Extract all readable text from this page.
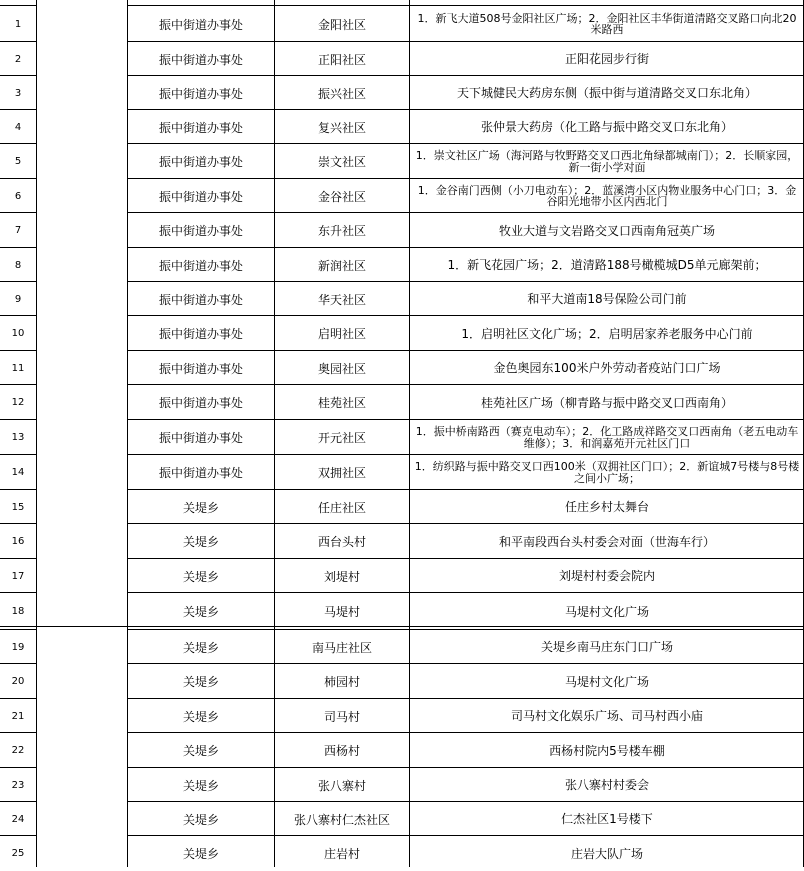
1	振中街道办事处	金阳社区	1．新飞大道508号金阳社区广场；2．金阳社区丰华街道清路交叉路口向北20米路西
2	振中街道办事处	正阳社区	正阳花园步行街
3	振中街道办事处	振兴社区	天下城健民大药房东侧（振中街与道清路交叉口东北角）
4	振中街道办事处	复兴社区	张仲景大药房（化工路与振中路交叉口东北角）
5	振中街道办事处	崇文社区	1．崇文社区广场（海河路与牧野路交叉口西北角绿都城南门）；2．长顺家园，新一街小学对面
6	振中街道办事处	金谷社区	1．金谷南门西侧（小刀电动车）；2．蓝溪湾小区内物业服务中心门口；3．金谷阳光地带小区内西北门
7	振中街道办事处	东升社区	牧业大道与文岩路交叉口西南角冠英广场
8	振中街道办事处	新润社区	1．新飞花园广场；2．道清路188号橄榄城D5单元廊架前；
9	振中街道办事处	华天社区	和平大道南18号保险公司门前
10	振中街道办事处	启明社区	1．启明社区文化广场；2．启明居家养老服务中心门前
11	振中街道办事处	奥园社区	金色奥园东100米户外劳动者疫站门口广场
12	振中街道办事处	桂苑社区	桂苑社区广场（柳青路与振中路交叉口西南角）
13	振中街道办事处	开元社区	1．振中桥南路西（赛克电动车）；2．化工路成祥路交叉口西南角（老五电动车维修）；3．和润嘉苑开元社区门口
14	振中街道办事处	双拥社区	1．纺织路与振中路交叉口西100米（双拥社区门口）；2．新谊城7号楼与8号楼之间小广场；
15	关堤乡	任庄社区	任庄乡村太舞台
16	关堤乡	西台头村	和平南段西台头村委会对面（世海车行）
17	关堤乡	刘堤村	刘堤村村委会院内
18	关堤乡	马堤村	马堤村文化广场
19	关堤乡	南马庄社区	关堤乡南马庄东门口广场
20	关堤乡	杮园村	马堤村文化广场
21	关堤乡	司马村	司马村文化娱乐广场、司马村西小庙
22	关堤乡	西杨村	西杨村院内5号楼车棚
23	关堤乡	张八寨村	张八寨村村委会
24	关堤乡	张八寨村仁杰社区	仁杰社区1号楼下
25	关堤乡	庄岩村	庄岩大队广场
